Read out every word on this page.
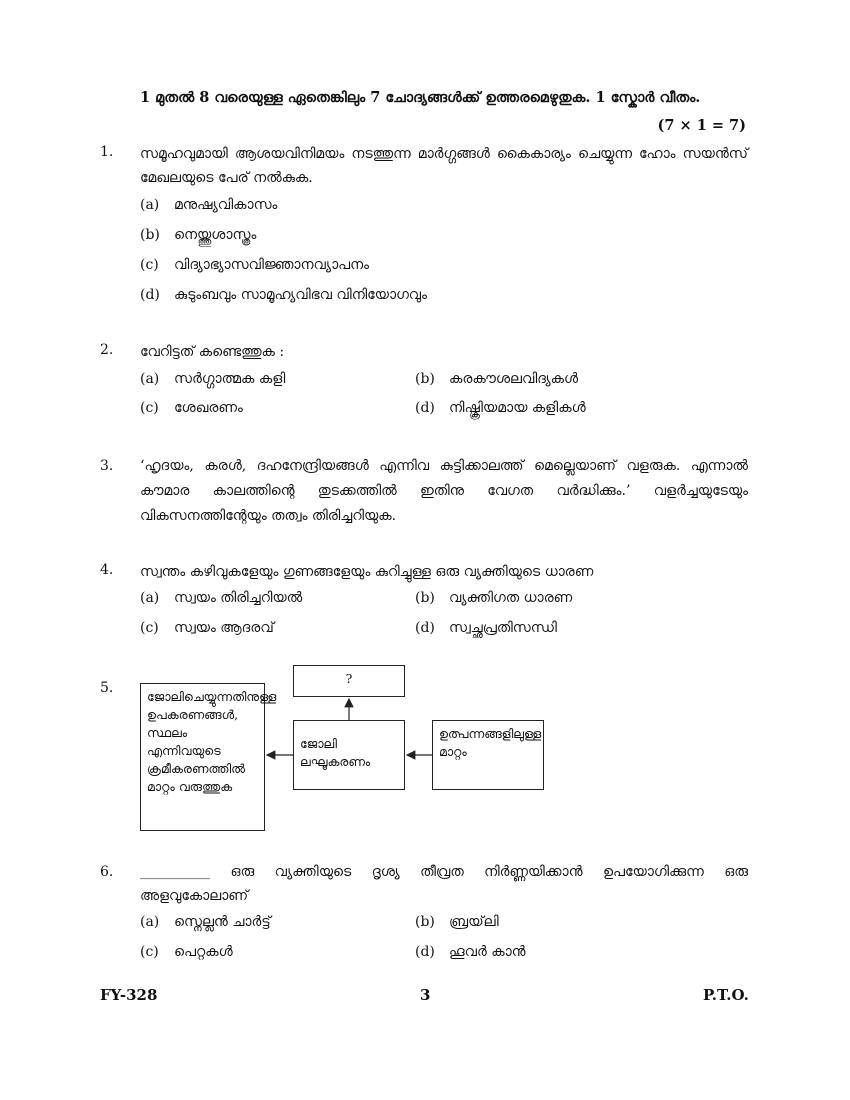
1 മുതൽ 8 വരെയുള്ള ഏതെങ്കിലും 7 ചോദ്യങ്ങൾക്ക് ഉത്തരമെഴുതുക. 1 സ്കോർ വീതം.
(7 × 1 = 7)
1. സമൂഹവുമായി ആശയവിനിമയം നടത്തുന്ന മാർഗ്ഗങ്ങൾ കൈകാര്യം ചെയ്യുന്ന ഹോം സയൻസ് മേഖലയുടെ പേര് നൽകുക.
(a) മനുഷ്യവികാസം
(b) നെയ്ത്തുശാസ്ത്രം
(c) വിദ്യാഭ്യാസവിജ്ഞാനവ്യാപനം
(d) കുടുംബവും സാമൂഹ്യവിഭവ വിനിയോഗവും
2. വേറിട്ടത് കണ്ടെത്തുക :
(a) സർഗ്ഗാത്മക കളി	(b) കരകൗശലവിദ്യകൾ
(c) ശേഖരണം	(d) നിഷ്ക്രിയമായ കളികൾ
3. ‘ഹൃദയം, കരൾ, ദഹനേന്ദ്രിയങ്ങൾ എന്നിവ കുട്ടിക്കാലത്ത് മെല്ലെയാണ് വളരുക. എന്നാൽ കൗമാര കാലത്തിന്റെ തുടക്കത്തിൽ ഇതിനു വേഗത വർദ്ധിക്കും.’ വളർച്ചയുടേയും വികസനത്തിന്റേയും തത്വം തിരിച്ചറിയുക.
4. സ്വന്തം കഴിവുകളേയും ഗുണങ്ങളേയും കുറിച്ചുള്ള ഒരു വ്യക്തിയുടെ ധാരണ
(a) സ്വയം തിരിച്ചറിയൽ	(b) വ്യക്തിഗത ധാരണ
(c) സ്വയം ആദരവ്	(d) സ്വച്ഛപ്രതിസന്ധി
5.
?
ജോലിചെയ്യുന്നതിനുള്ള ഉപകരണങ്ങൾ, സ്ഥലം എന്നിവയുടെ ക്രമീകരണത്തിൽ മാറ്റം വരുത്തുക
ജോലി ലഘൂകരണം
ഉത്പന്നങ്ങളിലുള്ള മാറ്റം
6. __________ ഒരു വ്യക്തിയുടെ ദൃശ്യ തീവ്രത നിർണ്ണയിക്കാൻ ഉപയോഗിക്കുന്ന ഒരു അളവുകോലാണ്
(a) സ്നെല്ലൻ ചാർട്ട്	(b) ബ്രയ്‌ലി
(c) പെറ്റകൾ	(d) ഹൂവർ കാൻ
FY-328	3	P.T.O.
